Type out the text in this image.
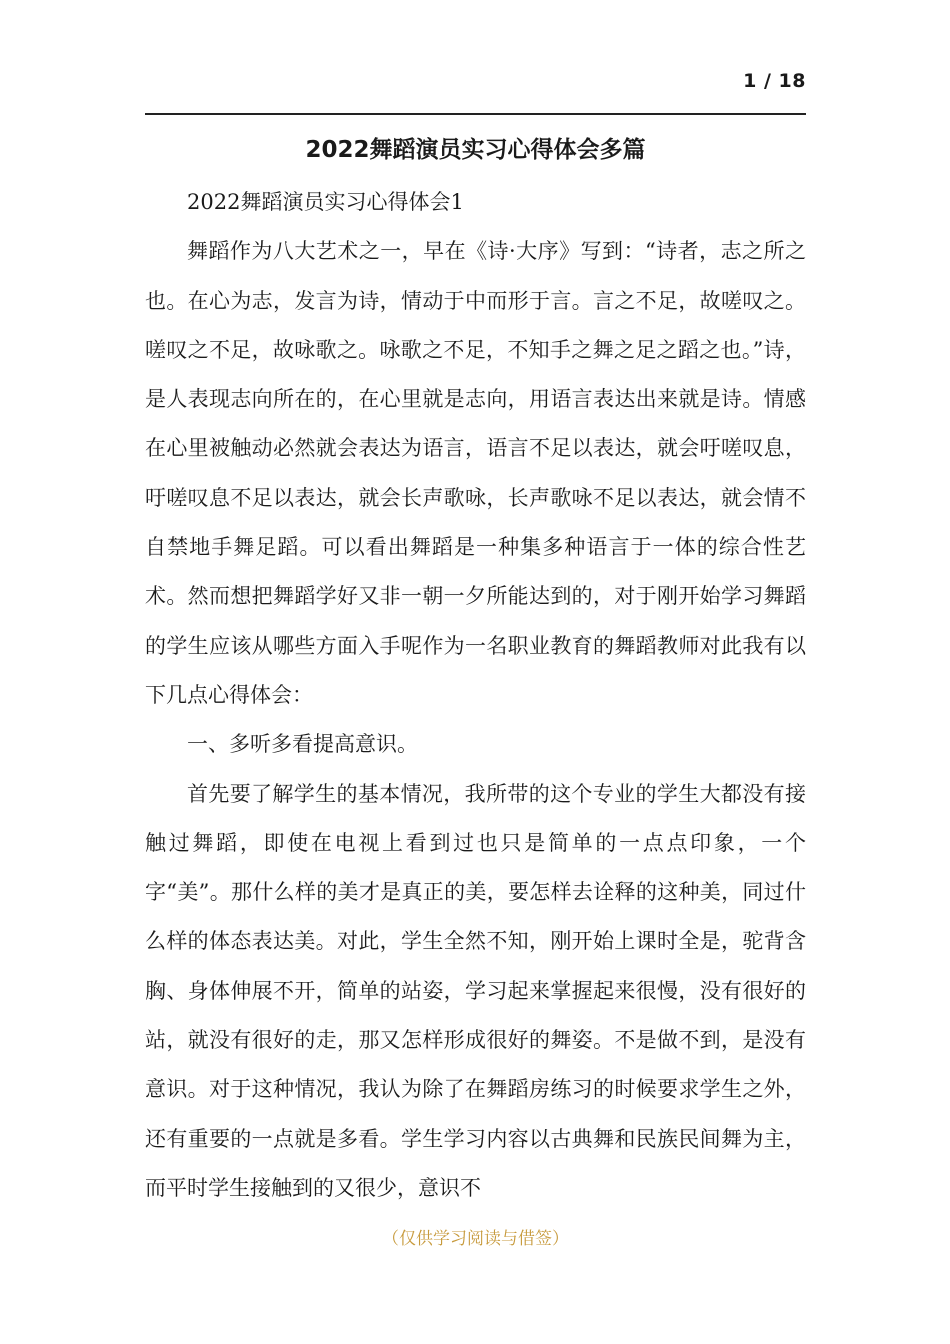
1 / 18
2022舞蹈演员实习心得体会多篇

2022舞蹈演员实习心得体会1

舞蹈作为八大艺术之一，早在《诗·大序》写到：“诗者，志之所之也。在心为志，发言为诗，情动于中而形于言。言之不足，故嗟叹之。嗟叹之不足，故咏歌之。咏歌之不足，不知手之舞之足之蹈之也。”诗，是人表现志向所在的，在心里就是志向，用语言表达出来就是诗。情感在心里被触动必然就会表达为语言，语言不足以表达，就会吁嗟叹息，吁嗟叹息不足以表达，就会长声歌咏，长声歌咏不足以表达，就会情不自禁地手舞足蹈。可以看出舞蹈是一种集多种语言于一体的综合性艺术。然而想把舞蹈学好又非一朝一夕所能达到的，对于刚开始学习舞蹈的学生应该从哪些方面入手呢作为一名职业教育的舞蹈教师对此我有以下几点心得体会：

一、多听多看提高意识。

首先要了解学生的基本情况，我所带的这个专业的学生大都没有接触过舞蹈，即使在电视上看到过也只是简单的一点点印象，一个字“美”。那什么样的美才是真正的美，要怎样去诠释的这种美，同过什么样的体态表达美。对此，学生全然不知，刚开始上课时全是，驼背含胸、身体伸展不开，简单的站姿，学习起来掌握起来很慢，没有很好的站，就没有很好的走，那又怎样形成很好的舞姿。不是做不到，是没有意识。对于这种情况，我认为除了在舞蹈房练习的时候要求学生之外，还有重要的一点就是多看。学生学习内容以古典舞和民族民间舞为主，而平时学生接触到的又很少，意识不

（仅供学习阅读与借签）
